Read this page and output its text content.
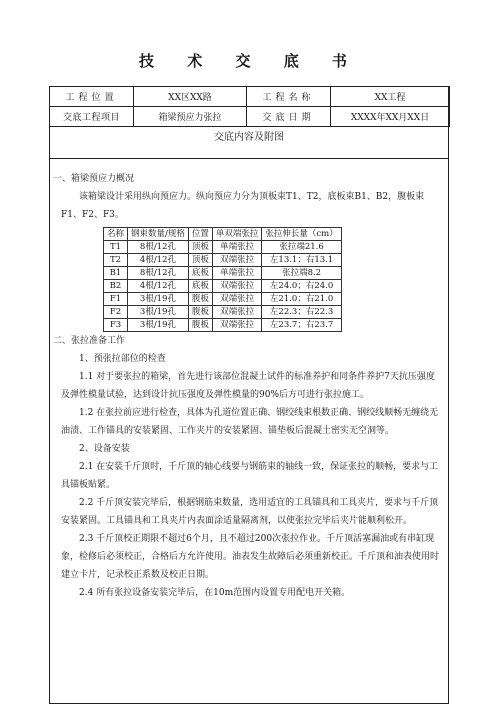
技 术 交 底 书
工程位置	XX区XX路	工程名称	XX工程
交底工程项目	箱梁预应力张拉	交底日期	XXXX年XX月XX日
交底内容及附图

一、箱梁预应力概况

该箱梁设计采用纵向预应力。纵向预应力分为顶板束T1、T2，底板束B1、B2，腹板束F1、F2、F3。

名称	钢束数量/规格	位置	单双端张拉	张拉伸长量（cm）
T1	8根/12孔	顶板	单端张拉	张拉端21.6
T2	4根/12孔	顶板	双端张拉	左13.1；右13.1
B1	8根/12孔	底板	单端张拉	张拉端8.2
B2	4根/12孔	底板	双端张拉	左24.0；右24.0
F1	3根/19孔	腹板	双端张拉	左21.0；右21.0
F2	3根/19孔	腹板	双端张拉	左22.3；右22.3
F3	3根/19孔	腹板	双端张拉	左23.7；右23.7

二、张拉准备工作

1、预张拉部位的检查

1.1 对于要张拉的箱梁，首先进行该部位混凝土试件的标准养护和同条件养护7天抗压强度及弹性模量试验，达到设计抗压强度及弹性模量的90%后方可进行张拉施工。

1.2 在张拉前应进行检查，具体为孔道位置正确、钢绞线束根数正确、钢绞线顺畅无缠绕无油渍、工作锚具的安装紧固、工作夹片的安装紧固、锚垫板后混凝土密实无空洞等。

2、设备安装

2.1 在安装千斤顶时，千斤顶的轴心线要与钢筋束的轴线一致，保证张拉的顺畅，要求与工具锚板贴紧。

2.2 千斤顶安装完毕后，根据钢筋束数量，选用适宜的工具锚具和工具夹片，要求与千斤顶安装紧固。工具锚具和工具夹片内表面涂适量隔离剂，以使张拉完毕后夹片能顺利松开。

2.3 千斤顶校正期限不超过6个月，且不超过200次张拉作业。千斤顶活塞漏油或有串缸现象，检修后必须校正，合格后方允许使用。油表发生故障后必须重新校正。千斤顶和油表使用时建立卡片，记录校正系数及校正日期。

2.4 所有张拉设备安装完毕后，在10m范围内设置专用配电开关箱。
